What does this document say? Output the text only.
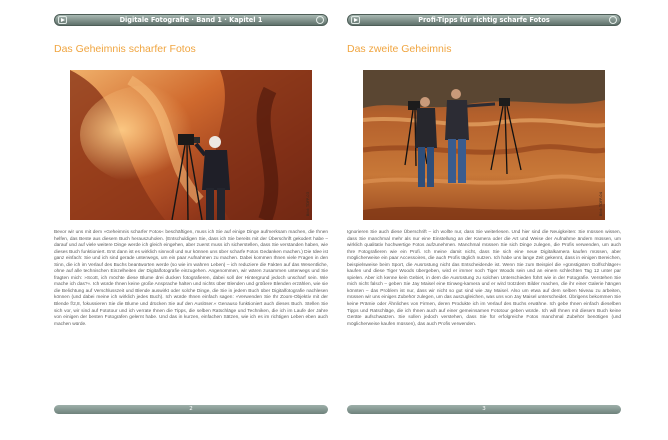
Digitale Fotografie · Band 1 · Kapitel 1
Das Geheimnis scharfer Fotos
Bild: TDFP-03

Bevor wir uns mit dem »Geheimnis scharfer Fotos« beschäftigen, muss ich Sie auf einige Dinge aufmerksam machen, die Ihnen helfen, das Beste aus diesem Buch herauszuholen. (Entschuldigen Sie, dass ich Sie bereits mit der Überschrift gekodert habe – darauf und auf viele weitere Dinge werde ich gleich eingehen, aber zuerst muss ich sicherstellen, dass Sie verstanden haben, wie dieses Buch funktioniert. Erst dann ist es wirklich sinnvoll und nur können uns über scharfe Fotos Gedanken machen.) Die Idee ist ganz einfach: Sie und ich sind gerade unterwegs, um ein paar Aufnahmen zu machen. Dabei kommen Ihnen viele Fragen in den Sinn, die ich im Verlauf des Buchs beantworten werde (so wie im wahren Leben) – ich reduziere die Fakten auf das Wesentliche, ohne auf alle technischen Einzelheiten der Digitalfotografie einzugehen. Angenommen, wir wären zusammen unterwegs und Sie fragten mich: »Scott, ich möchte diese Blume drei ducken fotografieren, dabei soll der Hintergrund jedoch unscharf sein. Wie mache ich das?«. Ich würde Ihnen keine große Ansprache halten und nichts über Blenden und größere Blenden erzählen, wie sie die Belichtung auf Verschlusszeit und Blende auswirkt oder solche Dinge, die Sie in jedem Buch über Digitalfotografie nachlesen können (und dabei meine ich wirklich jedes Buch). Ich würde Ihnen einfach sagen: »Verwenden Sie Ihr Zoom-Objektiv mit der Blende f/2,8, fokussieren Sie die Blume und drücken Sie auf den Auslöser.« Genauso funktioniert auch dieses Buch. Stellen Sie sich vor, wir sind auf Fototour und ich verrate Ihnen die Tipps, die selben Ratschläge und Techniken, die ich im Laufe der Jahre von einigen der besten Fotografen gelernt habe. Und das in kurzen, einfachen Sätzen, wie ich es im richtigen Leben eben auch machen würde.

2
Profi-Tipps für richtig scharfe Fotos
Das zweite Geheimnis
Bild: TDFP-04

Ignorieren Sie auch diese Überschrift – ich wollte nur, dass Sie weiterlesen. Und hier sind die Neuigkeiten: Sie müssen wissen, dass Sie manchmal mehr als nur eine Einstellung an der Kamera oder die Art und Weise der Aufnahme ändern müssen, um wirklich qualitativ hochwertige Fotos aufzunehmen. Manchmal müssen Sie sich Dinge zulegen, die Profis verwenden, um auch Ihre Fotografieren wie ein Profi. Ich meine damit nicht, dass Sie sich eine neue Digitalkamera kaufen müssen, aber möglicherweise ein paar Accessoires, die auch Profis täglich nutzen. Ich habe uns lange Zeit gekennt, dass in einigen Bereichen, beispielsweise beim Sport, die Ausrüstung nicht das Entscheidende ist. Wenn Sie zum Beispiel die »günstigsten Golfschläger« kaufen und diese Tiger Woods übergeben, wird er immer noch Tiger Woods sein und an einem schlechten Tag 12 unter par spielen. Aber ich kenne kein Gebiet, in dem die Ausrüstung zu solchen Unterschieden führt wie in der Fotografie. Verstehen Sie mich nicht falsch – geben Sie Jay Maisel eine Einweg-kamera und er wird trotzdem Bilder machen, die ihr einer Galerie hängen könnten – das Problem ist nur, dass wir nicht so gut sind wie Jay Maisel. Also um etwa auf dem selben Niveau zu arbeiten, müssen wir uns einiges Zubehör zulegen, um das auszugleichen, was uns von Jay Maisel unterscheidet. Übrigens bekommen Sie keine Prämie oder Ähnliches von Firmen, deren Produkte ich im Verlauf des Buchs erwähne. Ich gebe Ihnen einfach dieselben Tipps und Ratschläge, die ich Ihnen auch auf einer gemeinsamen Fototour geben würde. Ich will Ihnen mit diesem Buch keine Geräte aufschwatzen. Sie sollen jedoch verstehen, dass Sie für erfolgreiche Fotos manchmal Zubehör benötigen (und möglicherweise kaufen müssen), das auch Profis verwenden.

3
